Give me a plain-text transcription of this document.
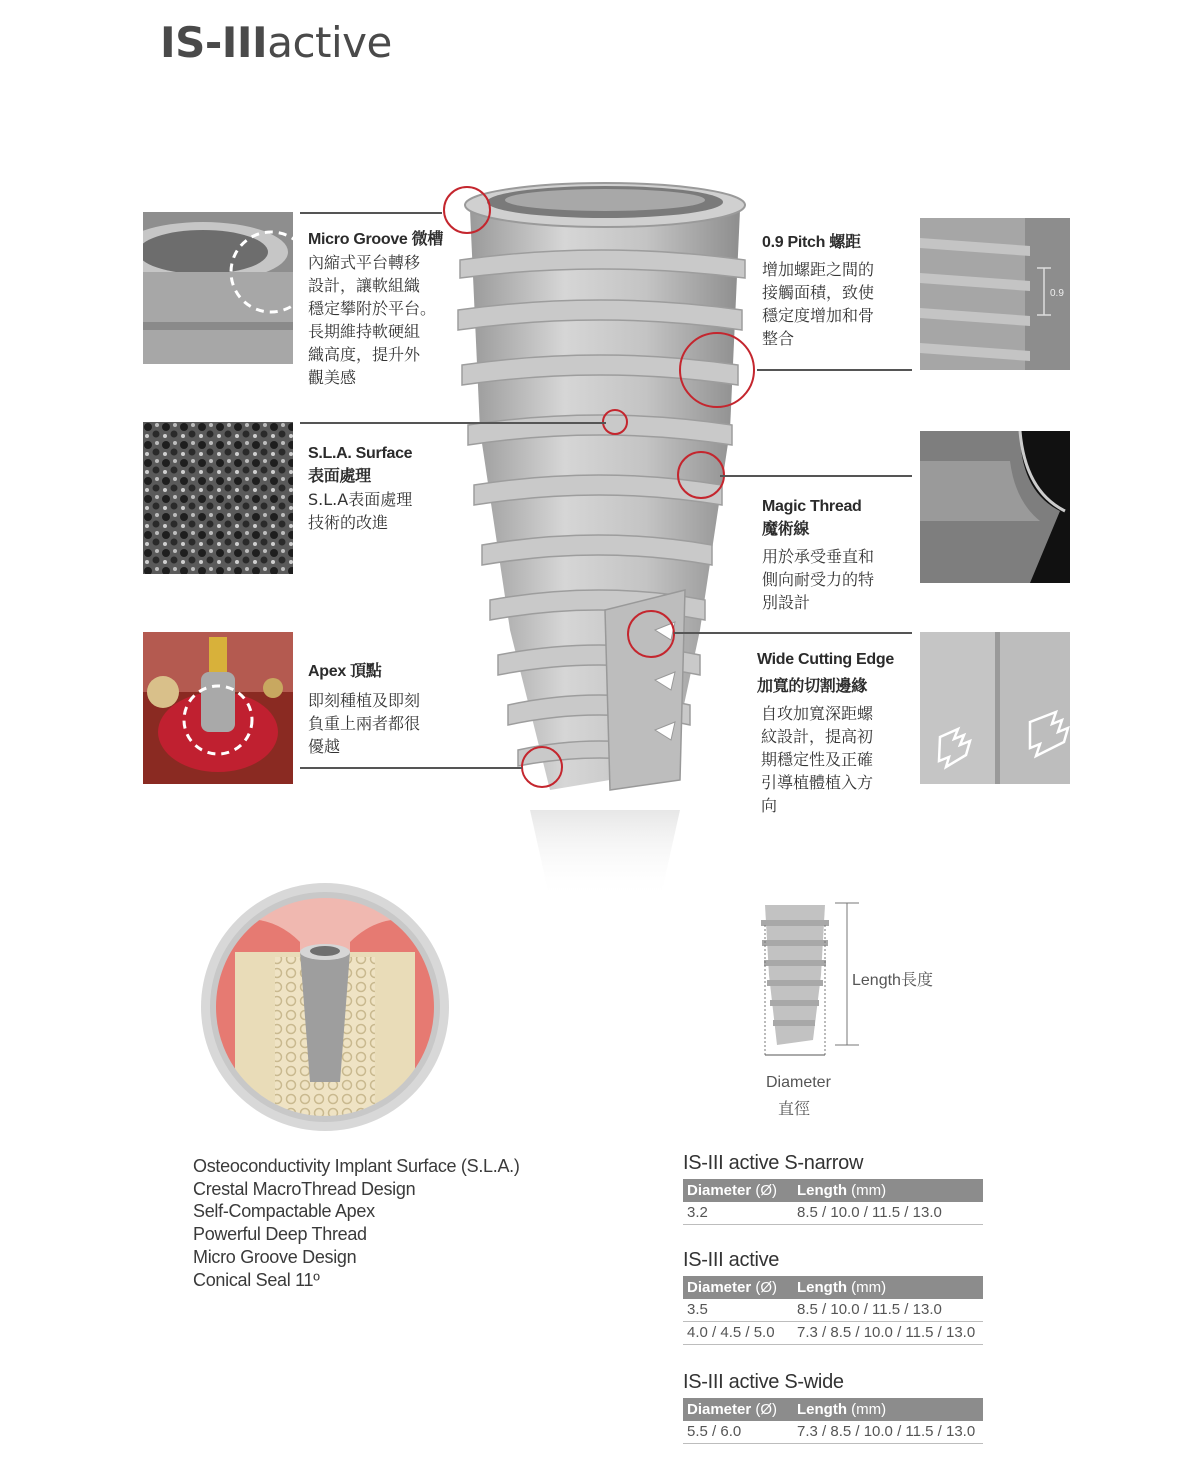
IS-IIIactive
Micro Groove 微槽
內縮式平台轉移
設計，讓軟組織
穩定攀附於平台。
長期維持軟硬組
織高度，提升外
觀美感
S.L.A. Surface
表面處理
S.L.A表面處理
技術的改進
Apex 頂點
即刻種植及即刻
負重上兩者都很
優越
0.9
0.9 Pitch 螺距
增加螺距之間的
接觸面積，致使
穩定度增加和骨
整合
Magic Thread
魔術線
用於承受垂直和
側向耐受力的特
別設計
Wide Cutting Edge
加寬的切割邊緣
自攻加寬深距螺
紋設計，提高初
期穩定性及正確
引導植體植入方
向
Osteoconductivity Implant Surface (S.L.A.)
Crestal MacroThread Design
Self-Compactable Apex
Powerful Deep Thread
Micro Groove Design
Conical Seal 11º
Length長度
Diameter
直徑
IS-III active S-narrow
Diameter (Ø)	Length (mm)
3.2	8.5 / 10.0 / 11.5 / 13.0
IS-III active
Diameter (Ø)	Length (mm)
3.5	8.5 / 10.0 / 11.5 / 13.0
4.0 / 4.5 / 5.0	7.3 / 8.5 / 10.0 / 11.5 / 13.0
IS-III active S-wide
Diameter (Ø)	Length (mm)
5.5 / 6.0	7.3 / 8.5 / 10.0 / 11.5 / 13.0
